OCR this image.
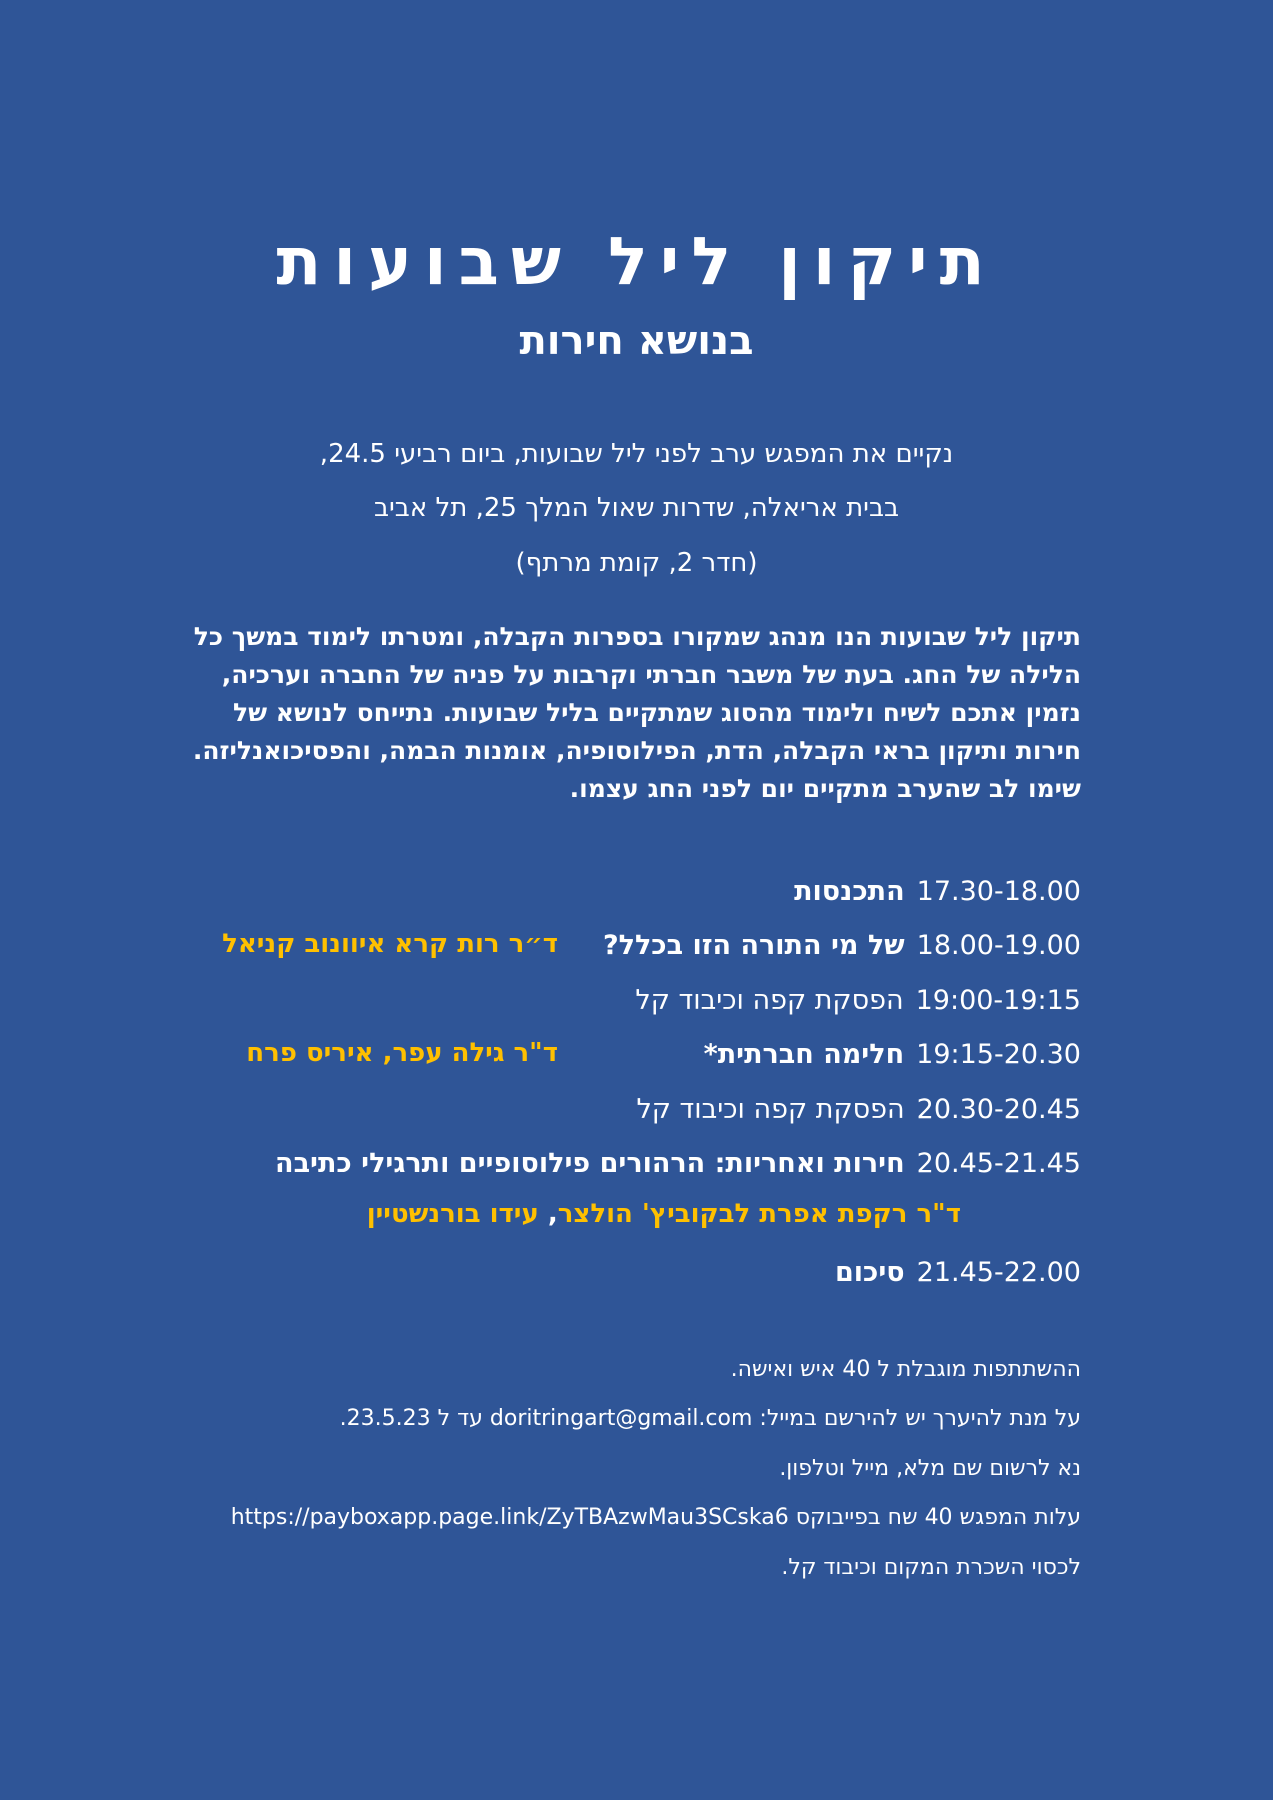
תיקון ליל שבועות
בנושא חירות
נקיים את המפגש ערב לפני ליל שבועות, ביום רביעי 24.5,
בבית אריאלה, שדרות שאול המלך 25, תל אביב
(חדר 2, קומת מרתף)
תיקון ליל שבועות הנו מנהג שמקורו בספרות הקבלה, ומטרתו לימוד במשך כל הלילה של החג. בעת של משבר חברתי וקרבות על פניה של החברה וערכיה, נזמין אתכם לשיח ולימוד מהסוג שמתקיים בליל שבועות. נתייחס לנושא של חירות ותיקון בראי הקבלה, הדת, הפילוסופיה, אומנות הבמה, והפסיכואנליזה. שימו לב שהערב מתקיים יום לפני החג עצמו.
17.30-18.00
התכנסות
18.00-19.00
של מי התורה הזו בכלל?
ד״ר רות קרא איוונוב קניאל
19:00-19:15
הפסקת קפה וכיבוד קל
19:15-20.30
חלימה חברתית*
ד"ר גילה עפר, איריס פרח
20.30-20.45
הפסקת קפה וכיבוד קל
20.45-21.45
חירות ואחריות: הרהורים פילוסופיים ותרגילי כתיבה
ד"ר רקפת אפרת לבקוביץ' הולצר, עידו בורנשטיין
21.45-22.00
סיכום
ההשתתפות מוגבלת ל 40 איש ואישה.
על מנת להיערך יש להירשם במייל: doritringart@gmail.com עד ל 23.5.23.
נא לרשום שם מלא, מייל וטלפון.
עלות המפגש 40 שח בפייבוקס https://payboxapp.page.link/ZyTBAzwMau3SCska6
לכסוי השכרת המקום וכיבוד קל.
